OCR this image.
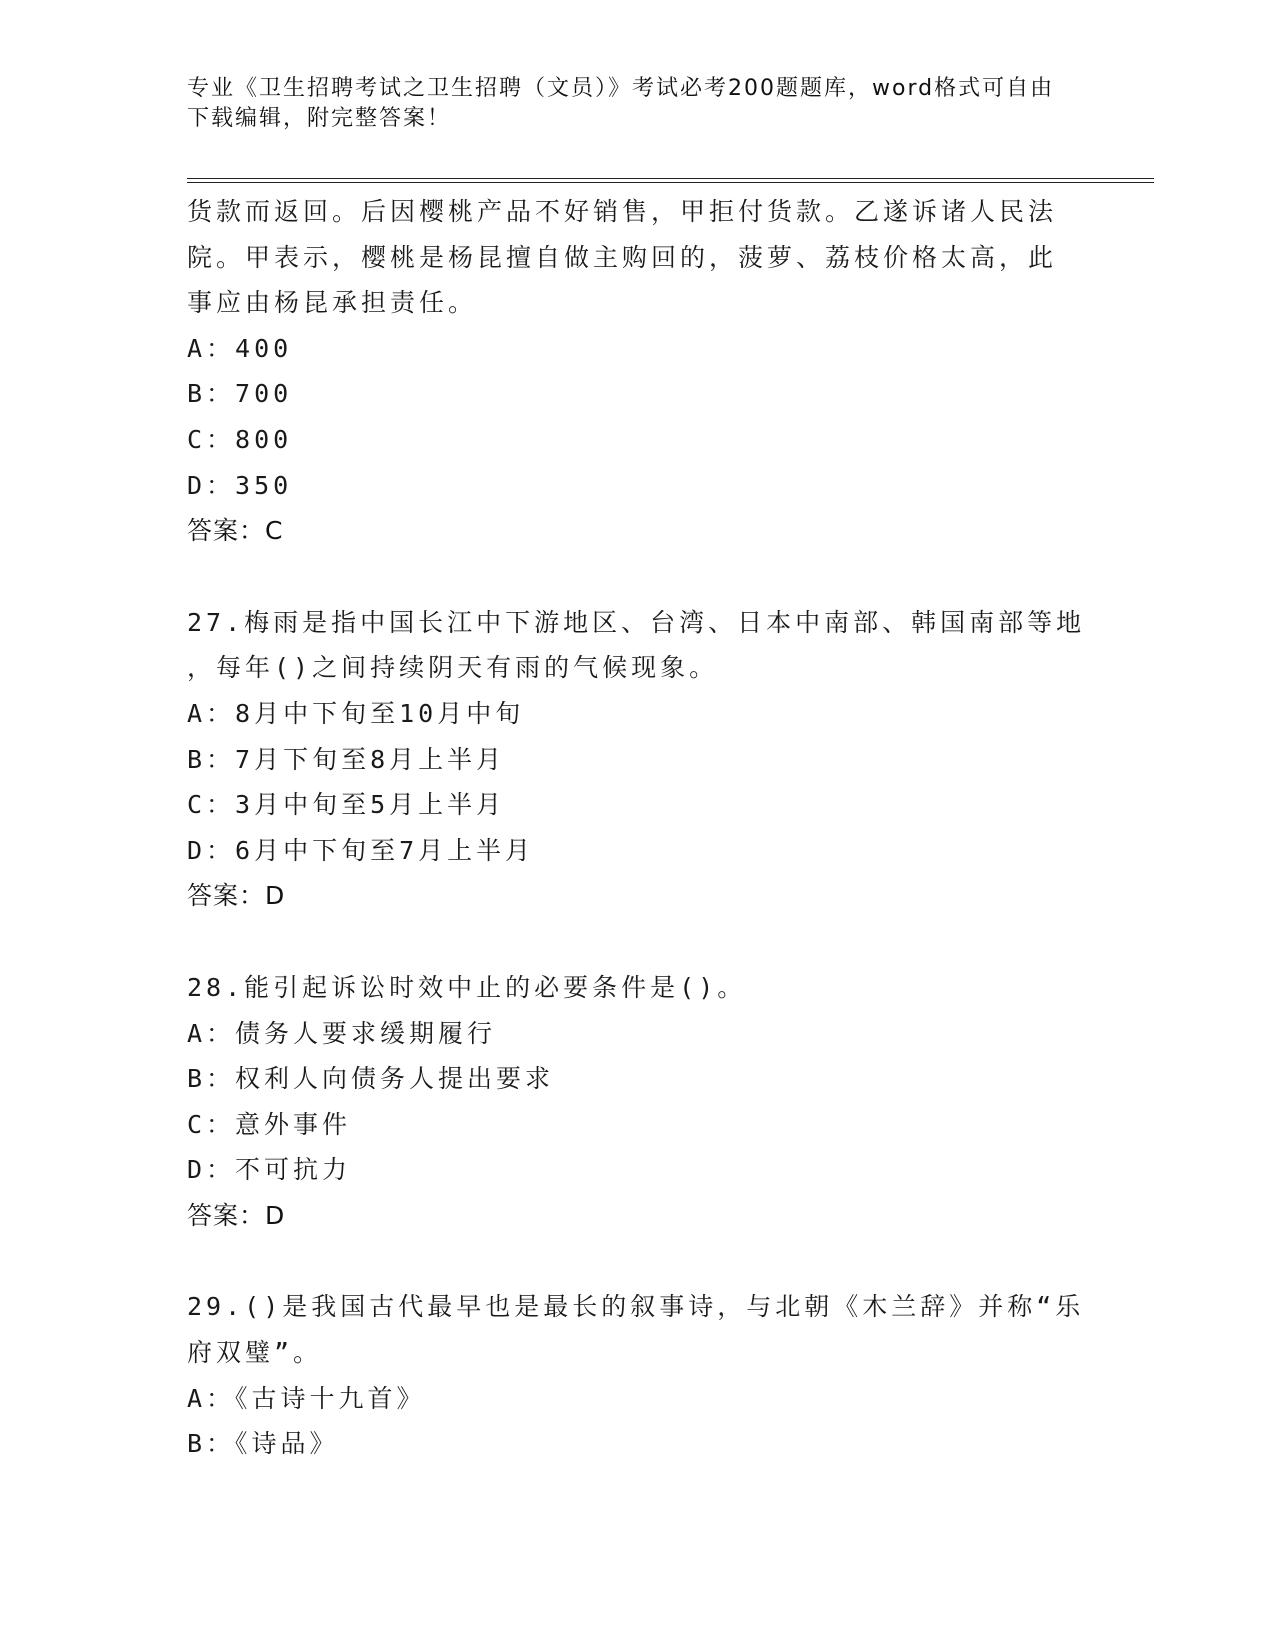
专业《卫生招聘考试之卫生招聘（文员）》考试必考200题题库，word格式可自由下载编辑，附完整答案！
货款而返回。后因樱桃产品不好销售，甲拒付货款。乙遂诉诸人民法
院。甲表示，樱桃是杨昆擅自做主购回的，菠萝、荔枝价格太高，此
事应由杨昆承担责任。
A：400
B：700
C：800
D：350
答案：C
27.梅雨是指中国长江中下游地区、台湾、日本中南部、韩国南部等地
，每年()之间持续阴天有雨的气候现象。
A：8月中下旬至10月中旬
B：7月下旬至8月上半月
C：3月中旬至5月上半月
D：6月中下旬至7月上半月
答案：D
28.能引起诉讼时效中止的必要条件是()。
A：债务人要求缓期履行
B：权利人向债务人提出要求
C：意外事件
D：不可抗力
答案：D
29.()是我国古代最早也是最长的叙事诗，与北朝《木兰辞》并称“乐
府双璧”。
A：《古诗十九首》
B：《诗品》
